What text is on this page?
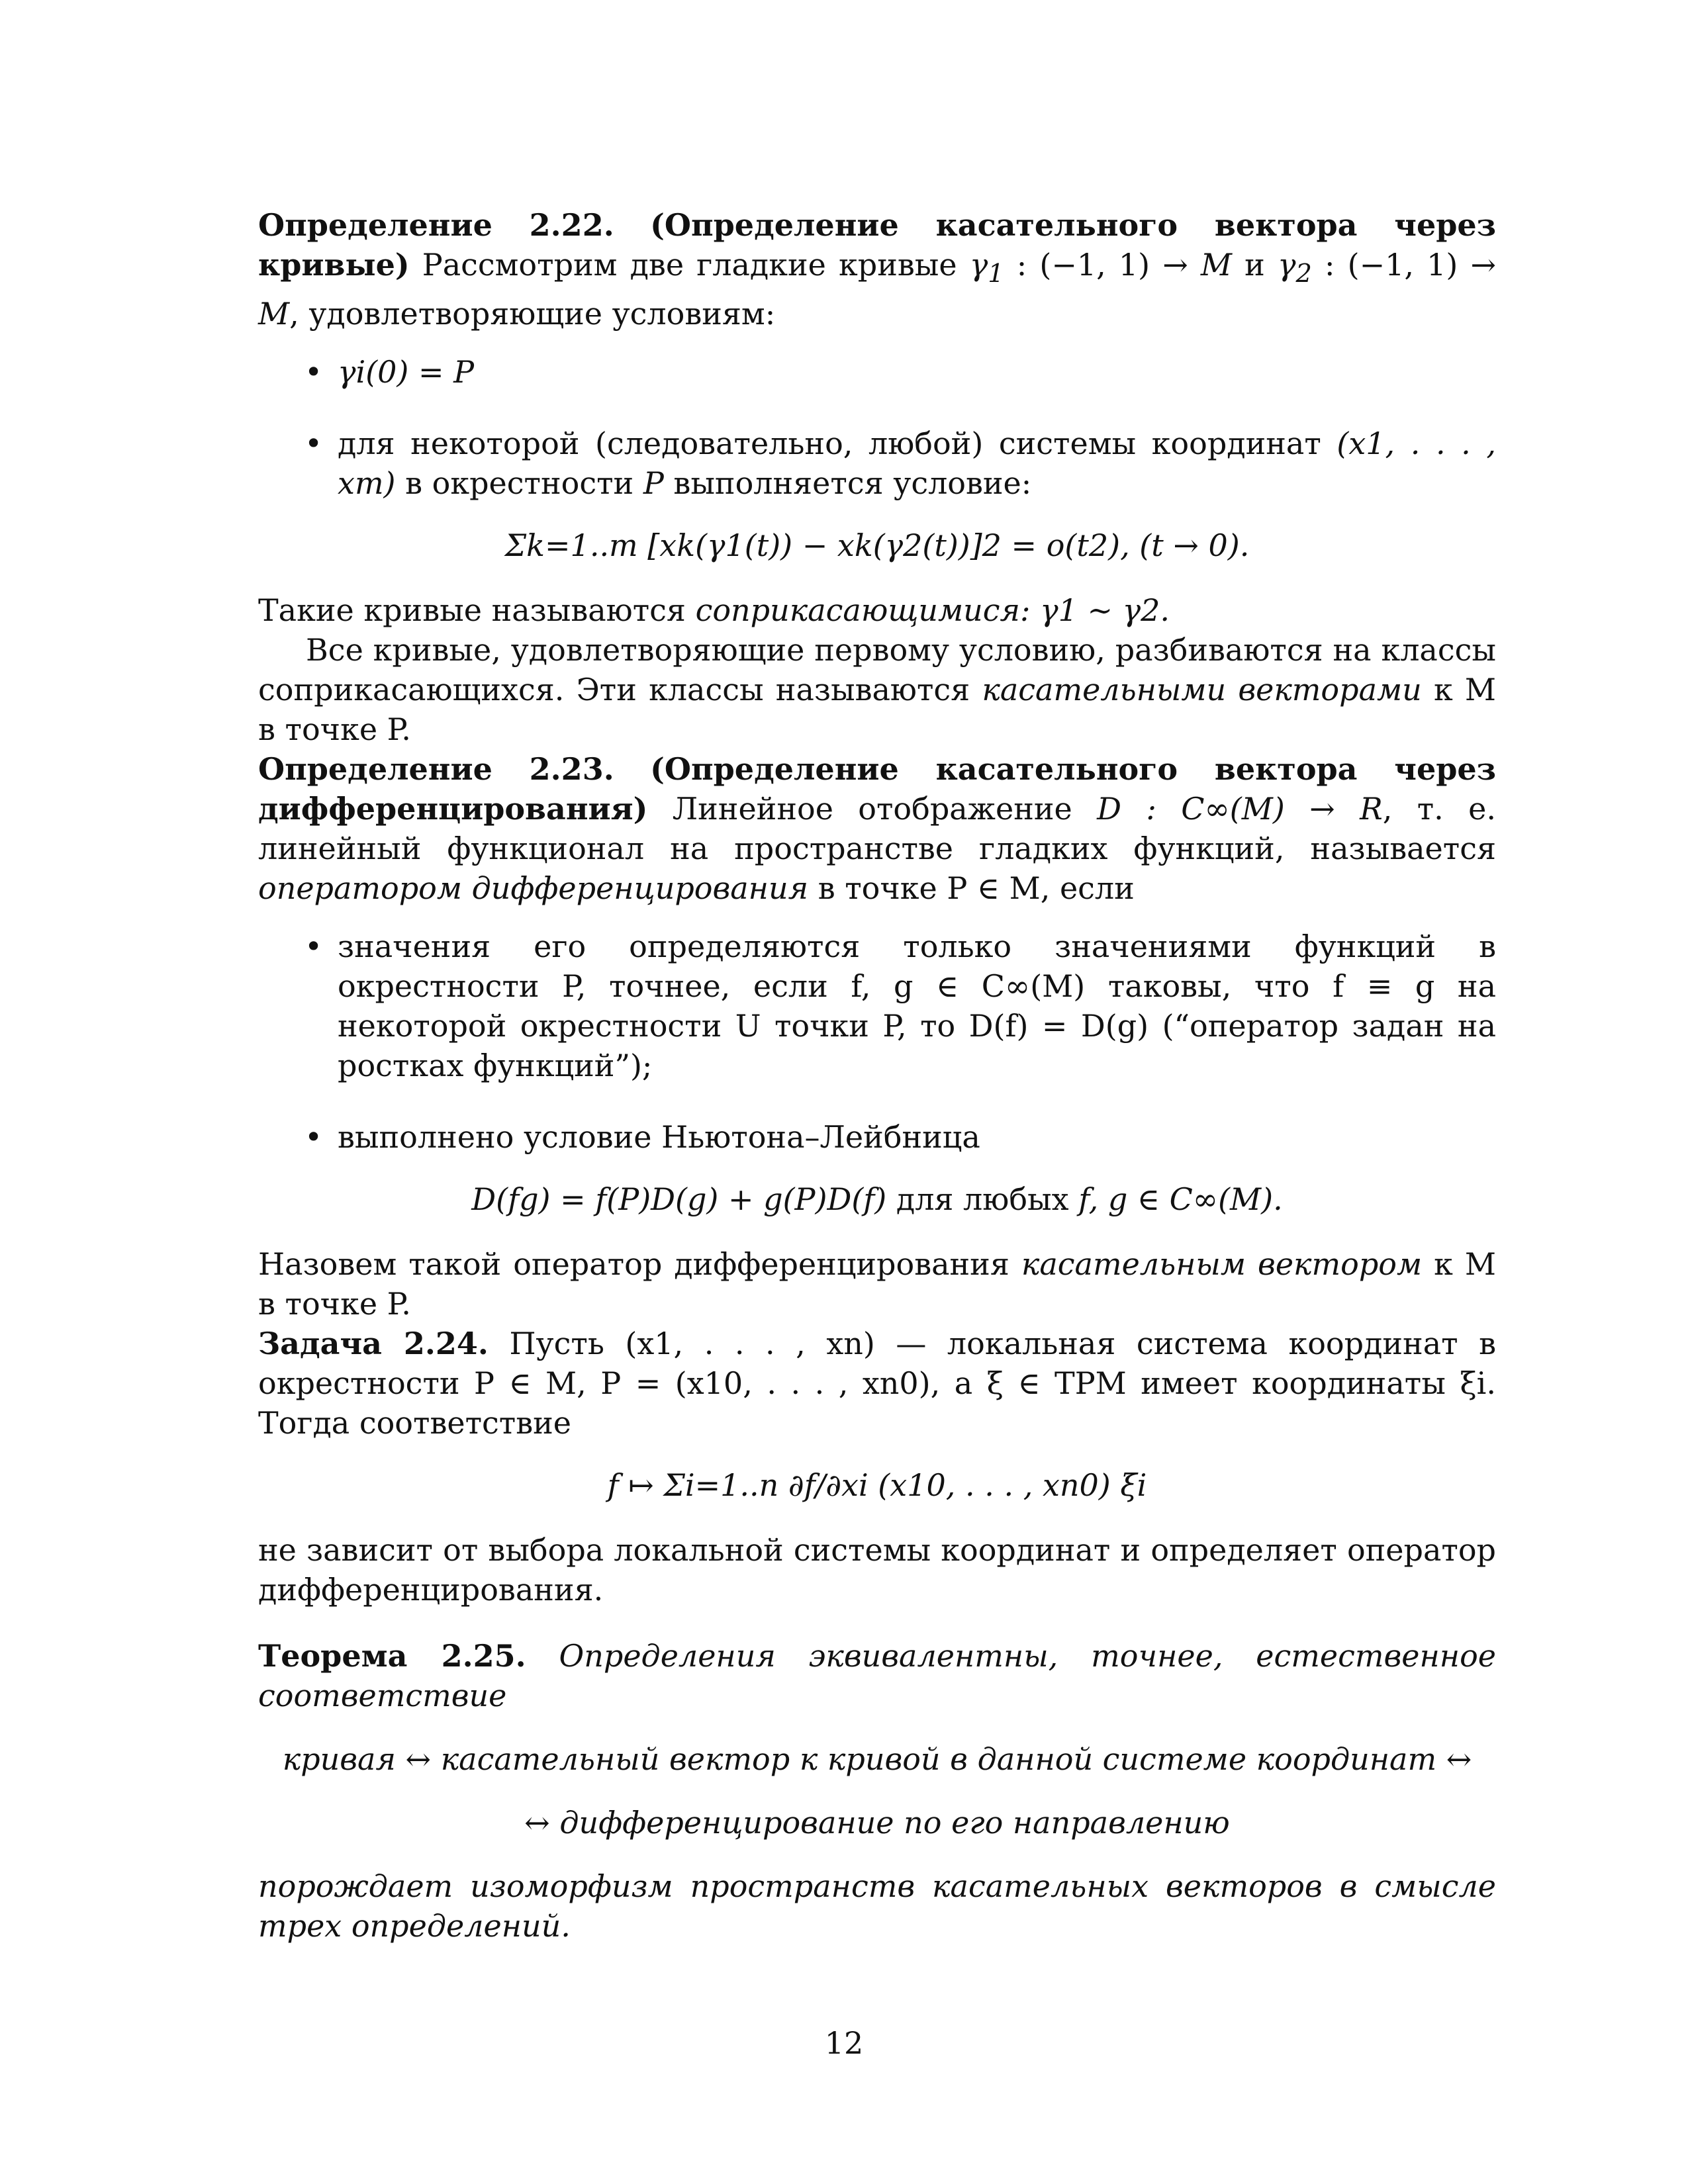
Определение 2.22. (Определение касательного вектора через кривые) Рассмотрим две гладкие кривые $\gamma_1$ : (−1, 1) → M и $\gamma_2$ : (−1, 1) → M, удовлетворяющие условиям:

• γi(0) = P
• для некоторой (следовательно, любой) системы координат (x1, . . . , xm) в окрестности P выполняется условие:
Σk=1..m [xk(γ1(t)) − xk(γ2(t))]2 = o(t2), (t → 0).

Такие кривые называются соприкасающимися: γ1 ∼ γ2.

Все кривые, удовлетворяющие первому условию, разбиваются на классы соприкасающихся. Эти классы называются касательными векторами к M в точке P.

Определение 2.23. (Определение касательного вектора через дифференцирования) Линейное отображение D : C∞(M) → R, т. е. линейный функционал на пространстве гладких функций, называется оператором дифференцирования в точке P ∈ M, если

• значения его определяются только значениями функций в окрестности P, точнее, если f, g ∈ C∞(M) таковы, что f ≡ g на некоторой окрестности U точки P, то D(f) = D(g) (“оператор задан на ростках функций”);
• выполнено условие Ньютона–Лейбница
D(fg) = f(P)D(g) + g(P)D(f) для любых f, g ∈ C∞(M).

Назовем такой оператор дифференцирования касательным вектором к M в точке P.

Задача 2.24. Пусть (x1, . . . , xn) — локальная система координат в окрестности P ∈ M, P = (x10, . . . , xn0), а ξ ∈ TPM имеет координаты ξi. Тогда соответствие

f ↦ Σi=1..n ∂f/∂xi (x10, . . . , xn0) ξi

не зависит от выбора локальной системы координат и определяет оператор дифференцирования.

Теорема 2.25. Определения эквивалентны, точнее, естественное соответствие

кривая ↔ касательный вектор к кривой в данной системе координат ↔
↔ дифференцирование по его направлению

порождает изоморфизм пространств касательных векторов в смысле трех определений.

12
